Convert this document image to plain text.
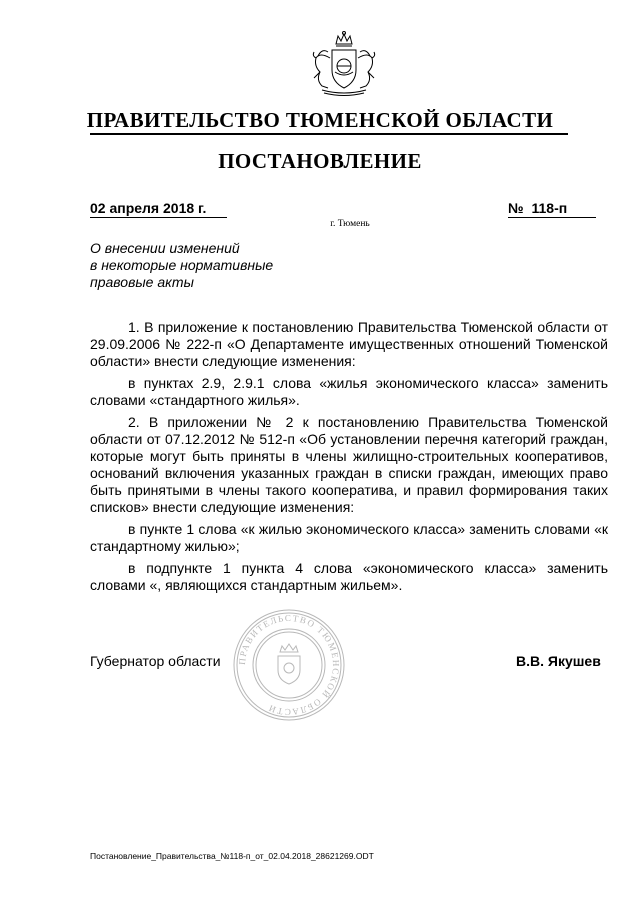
ПРАВИТЕЛЬСТВО ТЮМЕНСКОЙ ОБЛАСТИ
ПОСТАНОВЛЕНИЕ
02 апреля 2018 г.	№ 118-п
г. Тюмень
О внесении изменений
в некоторые нормативные
правовые акты

1. В приложение к постановлению Правительства Тюменской области от 29.09.2006 № 222-п «О Департаменте имущественных отношений Тюменской области» внести следующие изменения:

в пунктах 2.9, 2.9.1 слова «жилья экономического класса» заменить словами «стандартного жилья».

2. В приложении № 2 к постановлению Правительства Тюменской области от 07.12.2012 № 512-п «Об установлении перечня категорий граждан, которые могут быть приняты в члены жилищно-строительных кооперативов, оснований включения указанных граждан в списки граждан, имеющих право быть принятыми в члены такого кооператива, и правил формирования таких списков» внести следующие изменения:

в пункте 1 слова «к жилью экономического класса» заменить словами «к стандартному жилью»;

в подпункте 1 пункта 4 слова «экономического класса» заменить словами «, являющихся стандартным жильем».

ПРАВИТЕЛЬСТВО ТЮМЕНСКОЙ ОБЛАСТИ
Губернатор области	В.В. Якушев
Постановление_Правительства_№118-п_от_02.04.2018_28621269.ODT
